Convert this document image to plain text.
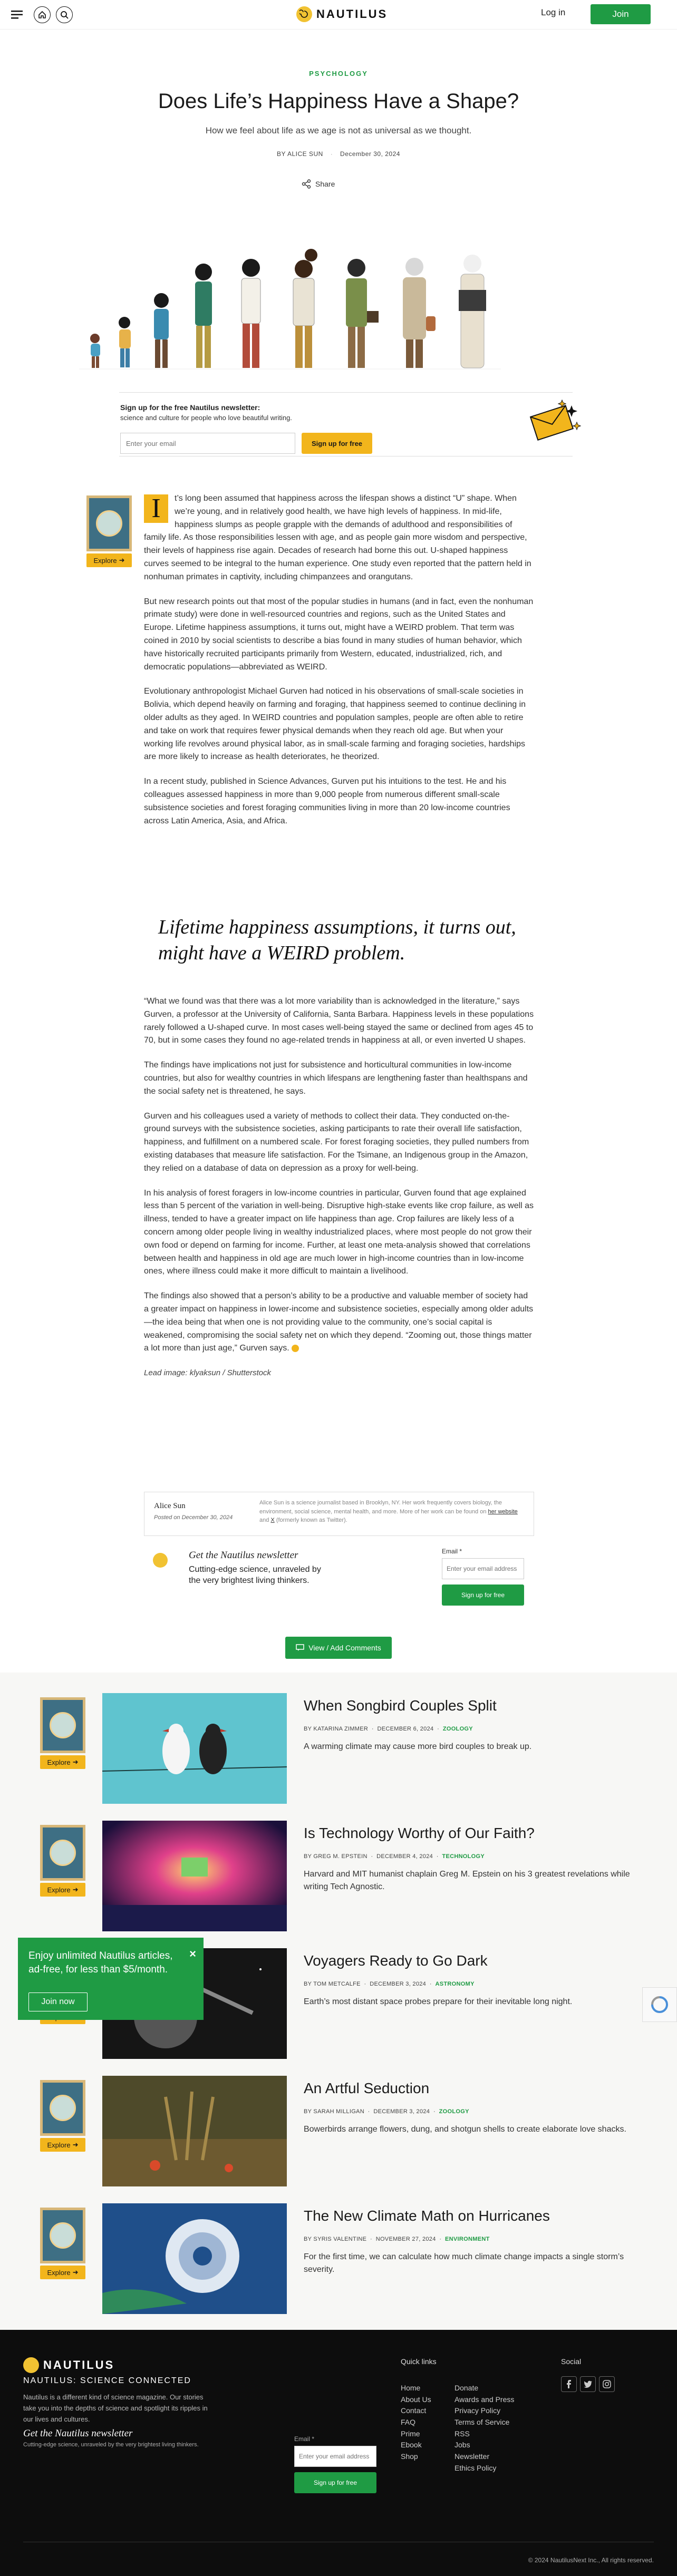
NAUTILUS	Log in	Join
PSYCHOLOGY
Does Life’s Happiness Have a Shape?
How we feel about life as we age is not as universal as we thought.
BY ALICE SUN · December 30, 2024
Share
Sign up for the free Nautilus newsletter:
science and culture for people who love beautiful writing.
Enter your email
Sign up for free
Explore ➜

I t’s long been assumed that happiness across the lifespan shows a distinct “U” shape. When we’re young, and in relatively good health, we have high levels of happiness. In mid-life, happiness slumps as people grapple with the demands of adulthood and responsibilities of family life. As those responsibilities lessen with age, and as people gain more wisdom and perspective, their levels of happiness rise again. Decades of research had borne this out. U-shaped happiness curves seemed to be integral to the human experience. One study even reported that the pattern held in nonhuman primates in captivity, including chimpanzees and orangutans.

But new research points out that most of the popular studies in humans (and in fact, even the nonhuman primate study) were done in well-resourced countries and regions, such as the United States and Europe. Lifetime happiness assumptions, it turns out, might have a WEIRD problem. That term was coined in 2010 by social scientists to describe a bias found in many studies of human behavior, which have historically recruited participants primarily from Western, educated, industrialized, rich, and democratic populations—abbreviated as WEIRD.

Evolutionary anthropologist Michael Gurven had noticed in his observations of small-scale societies in Bolivia, which depend heavily on farming and foraging, that happiness seemed to continue declining in older adults as they aged. In WEIRD countries and population samples, people are often able to retire and take on work that requires fewer physical demands when they reach old age. But when your working life revolves around physical labor, as in small-scale farming and foraging societies, hardships are more likely to increase as health deteriorates, he theorized.

In a recent study, published in Science Advances, Gurven put his intuitions to the test. He and his colleagues assessed happiness in more than 9,000 people from numerous different small-scale subsistence societies and forest foraging communities living in more than 20 low-income countries across Latin America, Asia, and Africa.

Lifetime happiness assumptions, it turns out, might have a WEIRD problem.

“What we found was that there was a lot more variability than is acknowledged in the literature,” says Gurven, a professor at the University of California, Santa Barbara. Happiness levels in these populations rarely followed a U-shaped curve. In most cases well-being stayed the same or declined from ages 45 to 70, but in some cases they found no age-related trends in happiness at all, or even inverted U shapes.

The findings have implications not just for subsistence and horticultural communities in low-income countries, but also for wealthy countries in which lifespans are lengthening faster than healthspans and the social safety net is threatened, he says.

Gurven and his colleagues used a variety of methods to collect their data. They conducted on-the-ground surveys with the subsistence societies, asking participants to rate their overall life satisfaction, happiness, and fulfillment on a numbered scale. For forest foraging societies, they pulled numbers from existing databases that measure life satisfaction. For the Tsimane, an Indigenous group in the Amazon, they relied on a database of data on depression as a proxy for well-being.

In his analysis of forest foragers in low-income countries in particular, Gurven found that age explained less than 5 percent of the variation in well-being. Disruptive high-stake events like crop failure, as well as illness, tended to have a greater impact on life happiness than age. Crop failures are likely less of a concern among older people living in wealthy industrialized places, where most people do not grow their own food or depend on farming for income. Further, at least one meta-analysis showed that correlations between health and happiness in old age are much lower in high-income countries than in low-income ones, where illness could make it more difficult to maintain a livelihood.

The findings also showed that a person’s ability to be a productive and valuable member of society had a greater impact on happiness in lower-income and subsistence societies, especially among older adults—the idea being that when one is not providing value to the community, one’s social capital is weakened, compromising the social safety net on which they depend. “Zooming out, those things matter a lot more than just age,” Gurven says.

Lead image: klyaksun / Shutterstock

Alice Sun
Posted on December 30, 2024
Alice Sun is a science journalist based in Brooklyn, NY. Her work frequently covers biology, the environment, social science, mental health, and more. More of her work can be found on her website and X (formerly known as Twitter).
Get the Nautilus newsletter
Cutting-edge science, unraveled by the very brightest living thinkers.
Email *
Enter your email address
Sign up for free
View / Add Comments
Explore ➜
When Songbird Couples Split
BY KATARINA ZIMMER  ·  DECEMBER 6, 2024  ·  ZOOLOGY
A warming climate may cause more bird couples to break up.
Explore ➜
Is Technology Worthy of Our Faith?
BY GREG M. EPSTEIN  ·  DECEMBER 4, 2024  ·  TECHNOLOGY
Harvard and MIT humanist chaplain Greg M. Epstein on his 3 greatest revelations while writing Tech Agnostic.
Voyagers Ready to Go Dark
BY TOM METCALFE  ·  DECEMBER 3, 2024  ·  ASTRONOMY
Earth’s most distant space probes prepare for their inevitable long night.
Explore ➜
An Artful Seduction
BY SARAH MILLIGAN  ·  DECEMBER 3, 2024  ·  ZOOLOGY
Bowerbirds arrange flowers, dung, and shotgun shells to create elaborate love shacks.
Explore ➜
The New Climate Math on Hurricanes
BY SYRIS VALENTINE  ·  NOVEMBER 27, 2024  ·  ENVIRONMENT
For the first time, we can calculate how much climate change impacts a single storm’s severity.
Enjoy unlimited Nautilus articles, ad-free, for less than $5/month.
×
Join now
NAUTILUS
NAUTILUS: SCIENCE CONNECTED
Nautilus is a different kind of science magazine. Our stories take you into the depths of science and spotlight its ripples in our lives and cultures.
Get the Nautilus newsletter
Cutting-edge science, unraveled by the very brightest living thinkers.
Email *
Enter your email address
Sign up for free
Quick links
Home
About Us
Contact
FAQ
Prime
Ebook
Shop
Donate
Awards and Press
Privacy Policy
Terms of Service
RSS
Jobs
Newsletter
Ethics Policy
Social
© 2024 NautilusNext Inc., All rights reserved.
